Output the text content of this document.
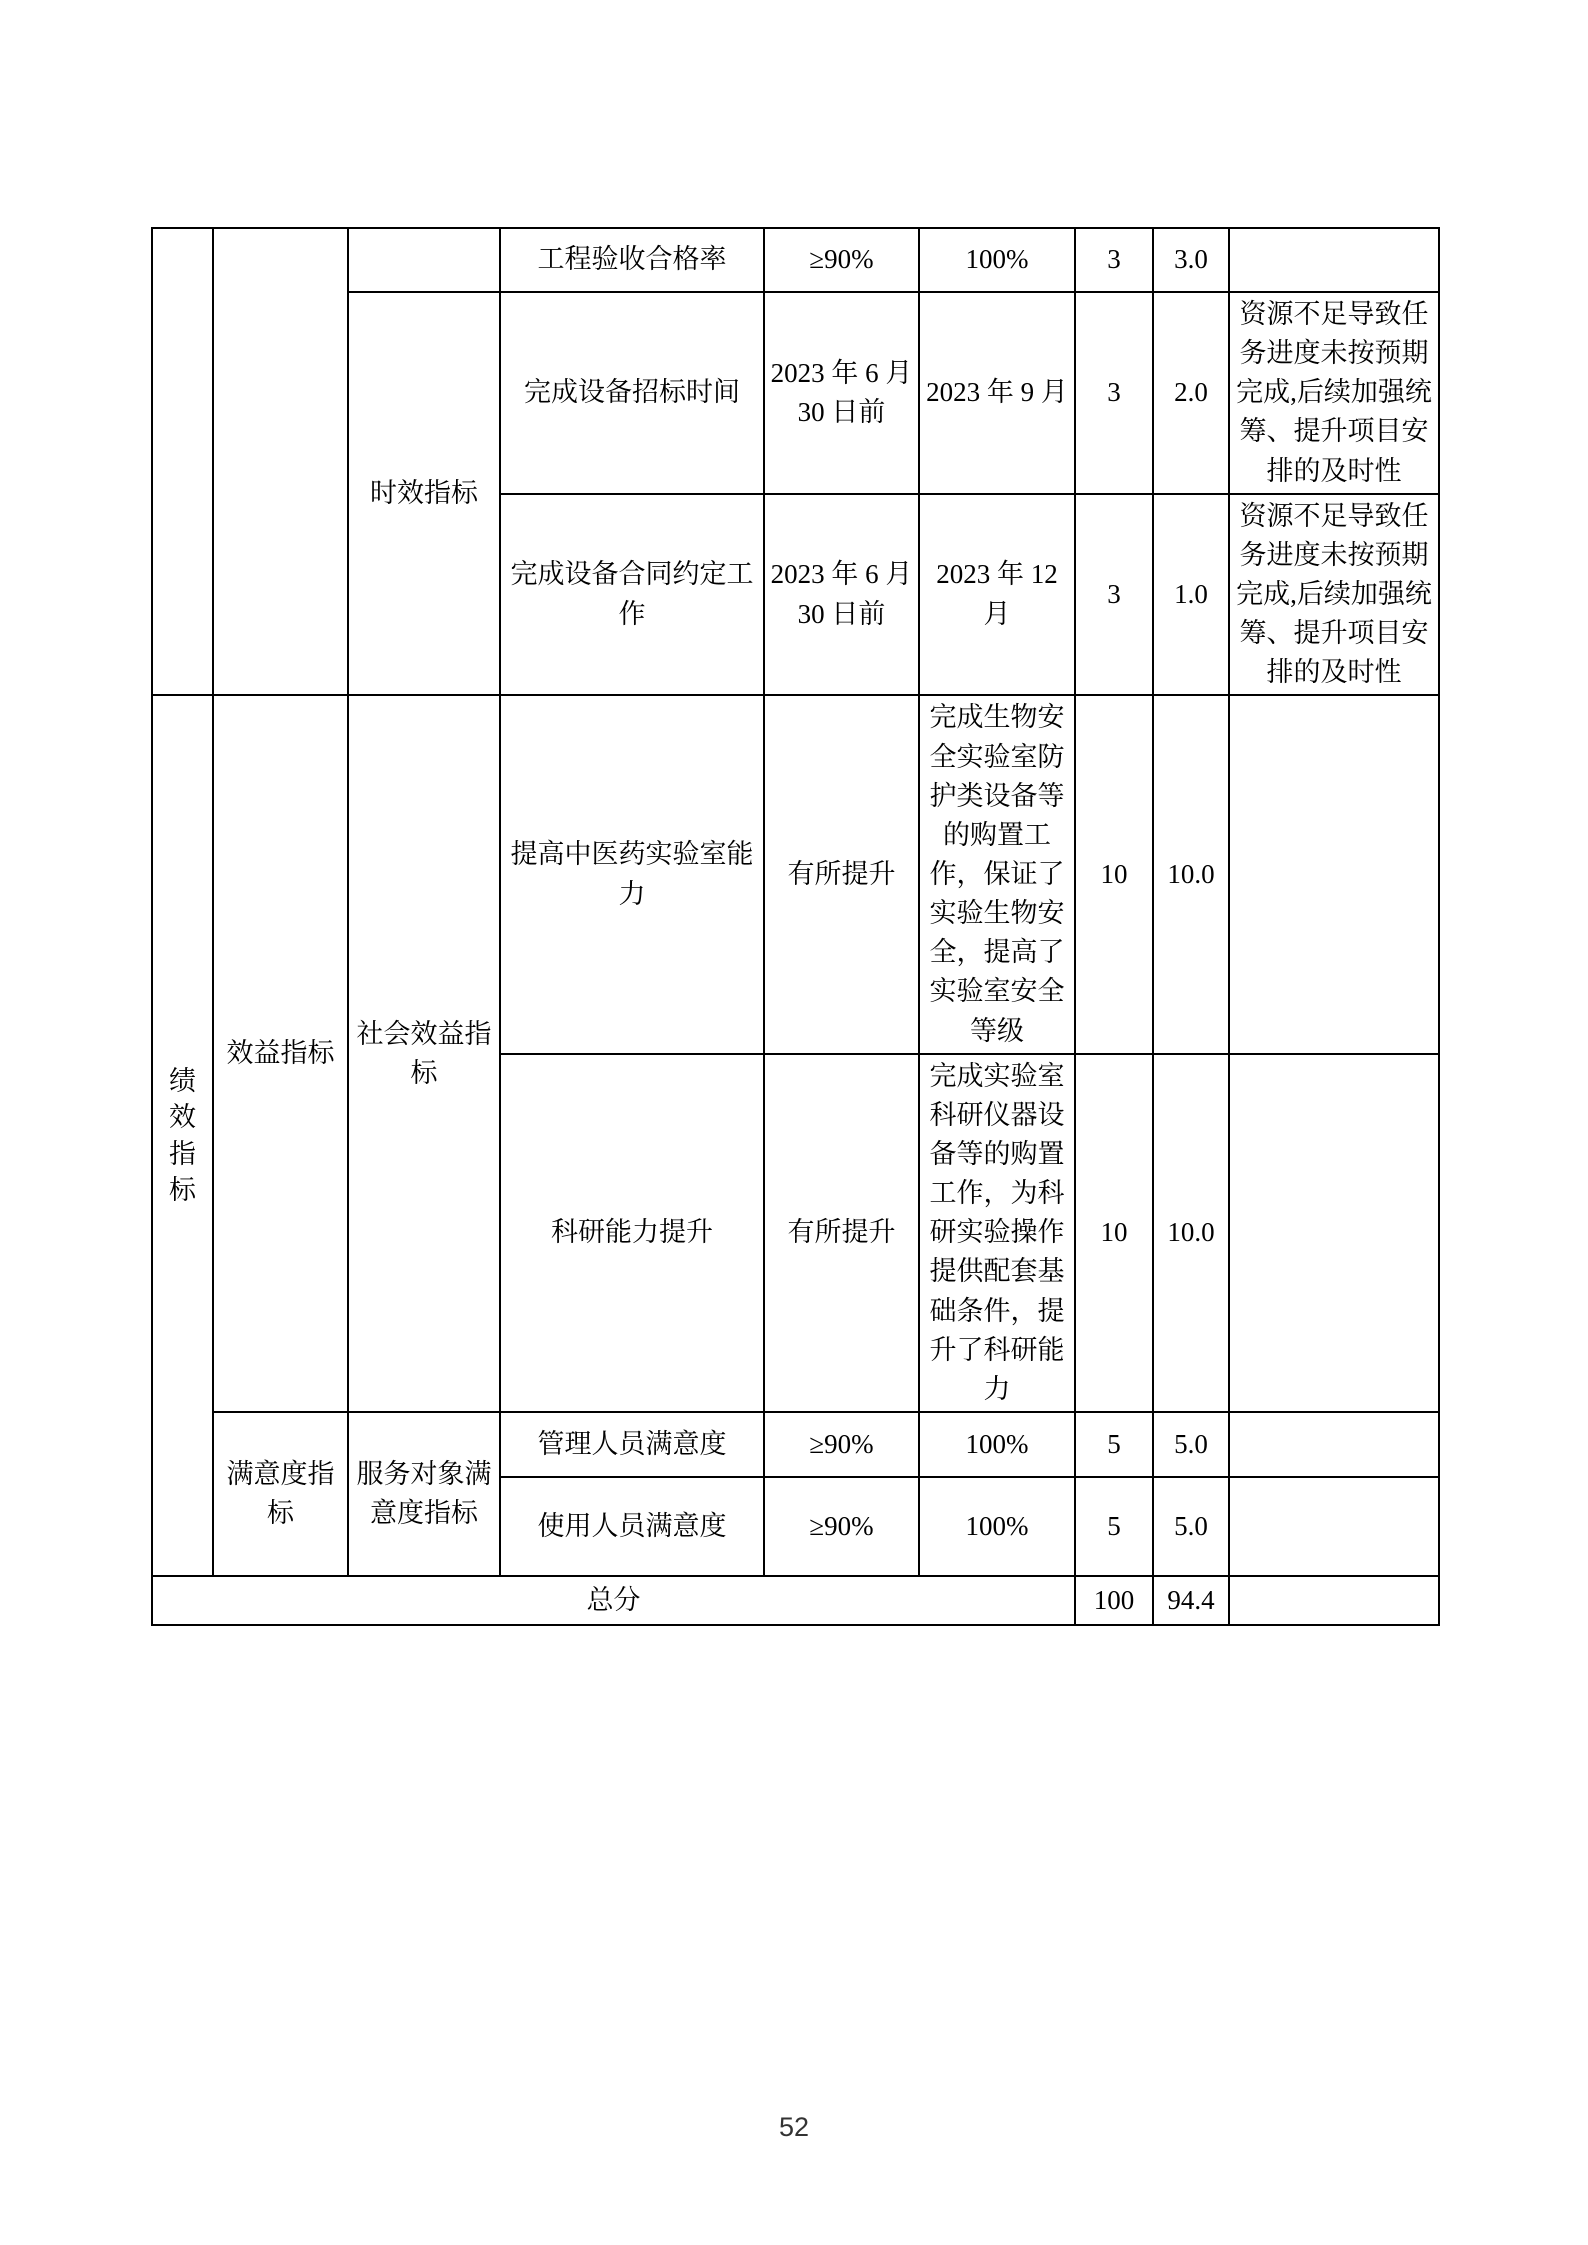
			工程验收合格率	≥90%	100%	3	3.0	
		时效指标	完成设备招标时间	2023 年 6 月 30 日前	2023 年 9 月	3	2.0	资源不足导致任务进度未按预期完成,后续加强统筹、提升项目安排的及时性
			完成设备合同约定工作	2023 年 6 月 30 日前	2023 年 12 月	3	1.0	资源不足导致任务进度未按预期完成,后续加强统筹、提升项目安排的及时性

绩效指标	效益指标	社会效益指标	提高中医药实验室能力	有所提升	完成生物安全实验室防护类设备等的购置工作，保证了实验生物安全，提高了实验室安全等级	10	10.0	
			科研能力提升	有所提升	完成实验室科研仪器设备等的购置工作，为科研实验操作提供配套基础条件，提升了科研能力	10	10.0	
	满意度指标	服务对象满意度指标	管理人员满意度	≥90%	100%	5	5.0	
			使用人员满意度	≥90%	100%	5	5.0	
总分						100	94.4	
52
